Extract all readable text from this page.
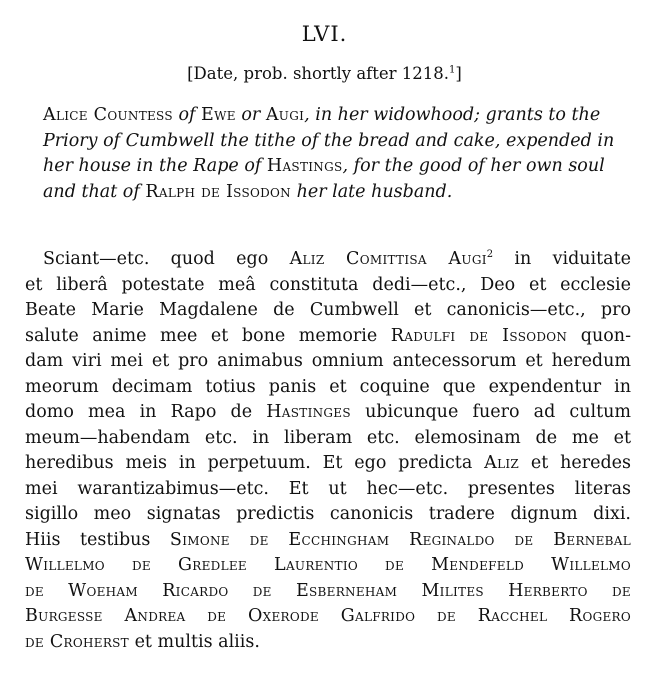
LVI.
[Date, prob. shortly after 1218.$^1$]

Alice Countess of Ewe or Augi, in her widowhood; grants to the Priory of Cumbwell the tithe of the bread and cake, expended in her house in the Rape of Hastings, for the good of her own soul and that of Ralph de Issodon her late husband.

Sciant—etc. quod ego Aliz Comittisa Augi$^2$ in viduitate
et liberâ potestate meâ constituta dedi—etc., Deo et ecclesie
Beate Marie Magdalene de Cumbwell et canonicis—etc., pro
salute anime mee et bone memorie Radulfi de Issodon quon-
dam viri mei et pro animabus omnium antecessorum et heredum
meorum decimam totius panis et coquine que expendentur in
domo mea in Rapo de Hastinges ubicunque fuero ad cultum
meum—habendam etc. in liberam etc. elemosinam de me et
heredibus meis in perpetuum. Et ego predicta Aliz et heredes
mei warantizabimus—etc. Et ut hec—etc. presentes literas
sigillo meo signatas predictis canonicis tradere dignum dixi.
Hiis testibus Simone de Ecchingham Reginaldo de Bernebal
Willelmo de Gredlee Laurentio de Mendefeld Willelmo
de Woeham Ricardo de Esberneham Milites Herberto de
Burgesse Andrea de Oxerode Galfrido de Racchel Rogero
de Croherst et multis aliis.
